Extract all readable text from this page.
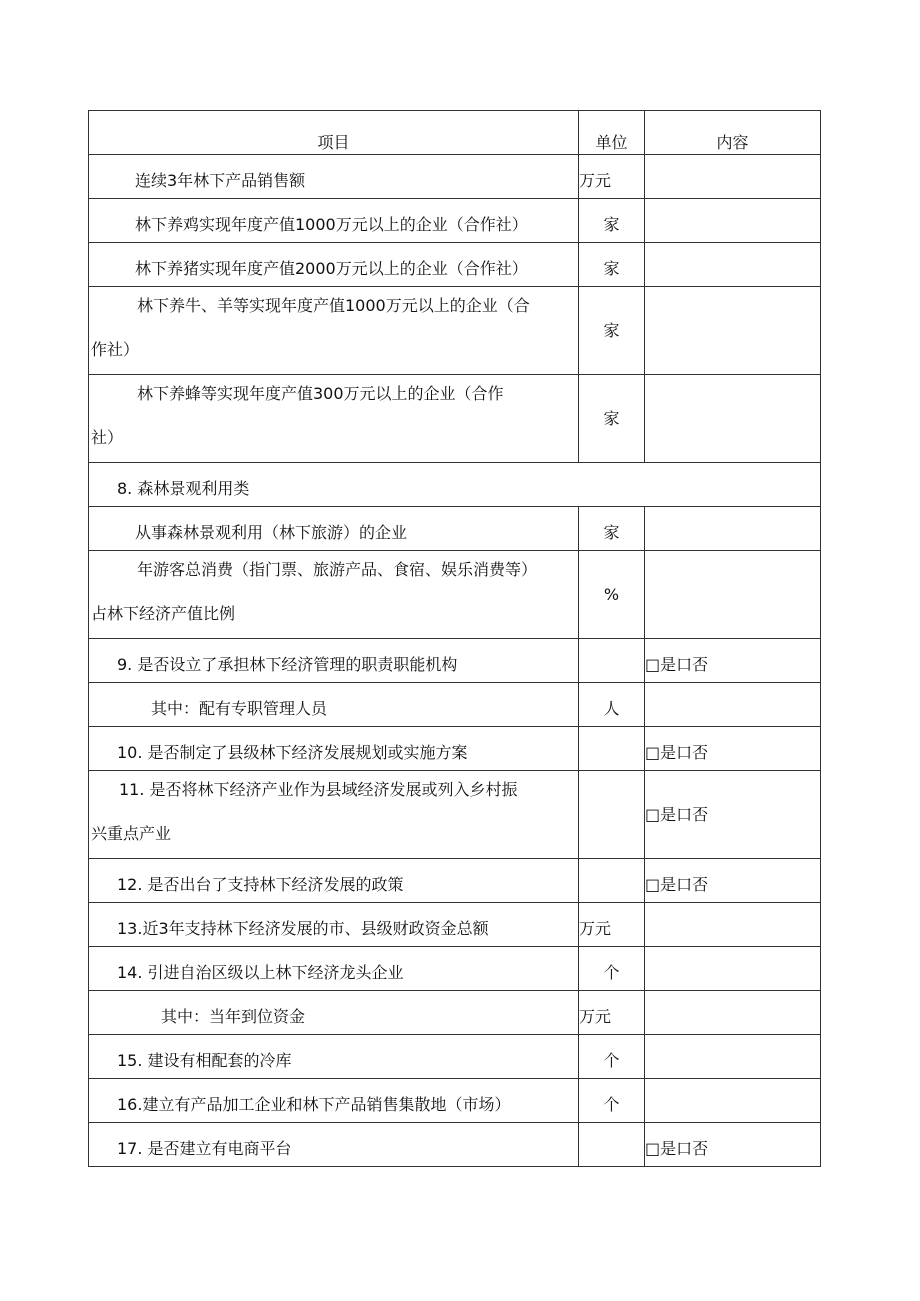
项目	单位	内容
连续3年林下产品销售额	万元	
林下养鸡实现年度产值1000万元以上的企业（合作社）	家	
林下养猪实现年度产值2000万元以上的企业（合作社）	家	

林下养牛、羊等实现年度产值1000万元以上的企业（合
作社）	家	

林下养蜂等实现年度产值300万元以上的企业（合作
社）	家	
8. 森林景观利用类		
从事森林景观利用（林下旅游）的企业	家	

年游客总消费（指门票、旅游产品、食宿、娱乐消费等）
占林下经济产值比例	%	
9. 是否设立了承担林下经济管理的职责职能机构		□是口否
其中：配有专职管理人员	人	
10. 是否制定了县级林下经济发展规划或实施方案		□是口否

11. 是否将林下经济产业作为县域经济发展或列入乡村振
兴重点产业		□是口否
12. 是否出台了支持林下经济发展的政策		□是口否
13.近3年支持林下经济发展的市、县级财政资金总额	万元	
14. 引进自治区级以上林下经济龙头企业	个	
其中：当年到位资金	万元	
15. 建设有相配套的冷库	个	
16.建立有产品加工企业和林下产品销售集散地（市场）	个	
17. 是否建立有电商平台		□是口否
